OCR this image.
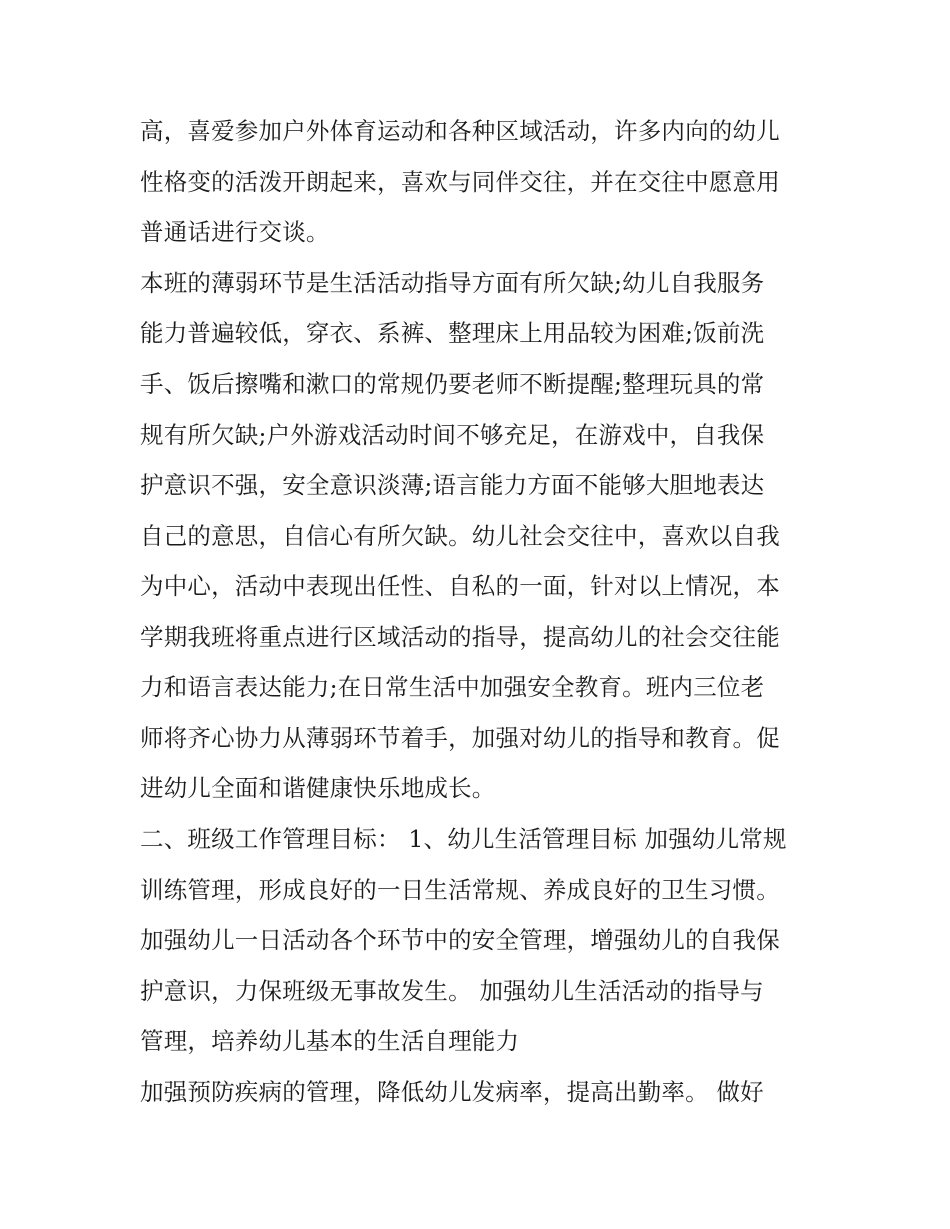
高，喜爱参加户外体育运动和各种区域活动，许多内向的幼儿

性格变的活泼开朗起来，喜欢与同伴交往，并在交往中愿意用

普通话进行交谈。

本班的薄弱环节是生活活动指导方面有所欠缺;幼儿自我服务

能力普遍较低，穿衣、系裤、整理床上用品较为困难;饭前洗

手、饭后擦嘴和漱口的常规仍要老师不断提醒;整理玩具的常

规有所欠缺;户外游戏活动时间不够充足，在游戏中，自我保

护意识不强，安全意识淡薄;语言能力方面不能够大胆地表达

自己的意思，自信心有所欠缺。幼儿社会交往中，喜欢以自我

为中心，活动中表现出任性、自私的一面，针对以上情况，本

学期我班将重点进行区域活动的指导，提高幼儿的社会交往能

力和语言表达能力;在日常生活中加强安全教育。班内三位老

师将齐心协力从薄弱环节着手，加强对幼儿的指导和教育。促

进幼儿全面和谐健康快乐地成长。

二、班级工作管理目标： 1、幼儿生活管理目标 加强幼儿常规

训练管理，形成良好的一日生活常规、养成良好的卫生习惯。

加强幼儿一日活动各个环节中的安全管理，增强幼儿的自我保

护意识，力保班级无事故发生。 加强幼儿生活活动的指导与

管理，培养幼儿基本的生活自理能力

加强预防疾病的管理，降低幼儿发病率，提高出勤率。 做好
